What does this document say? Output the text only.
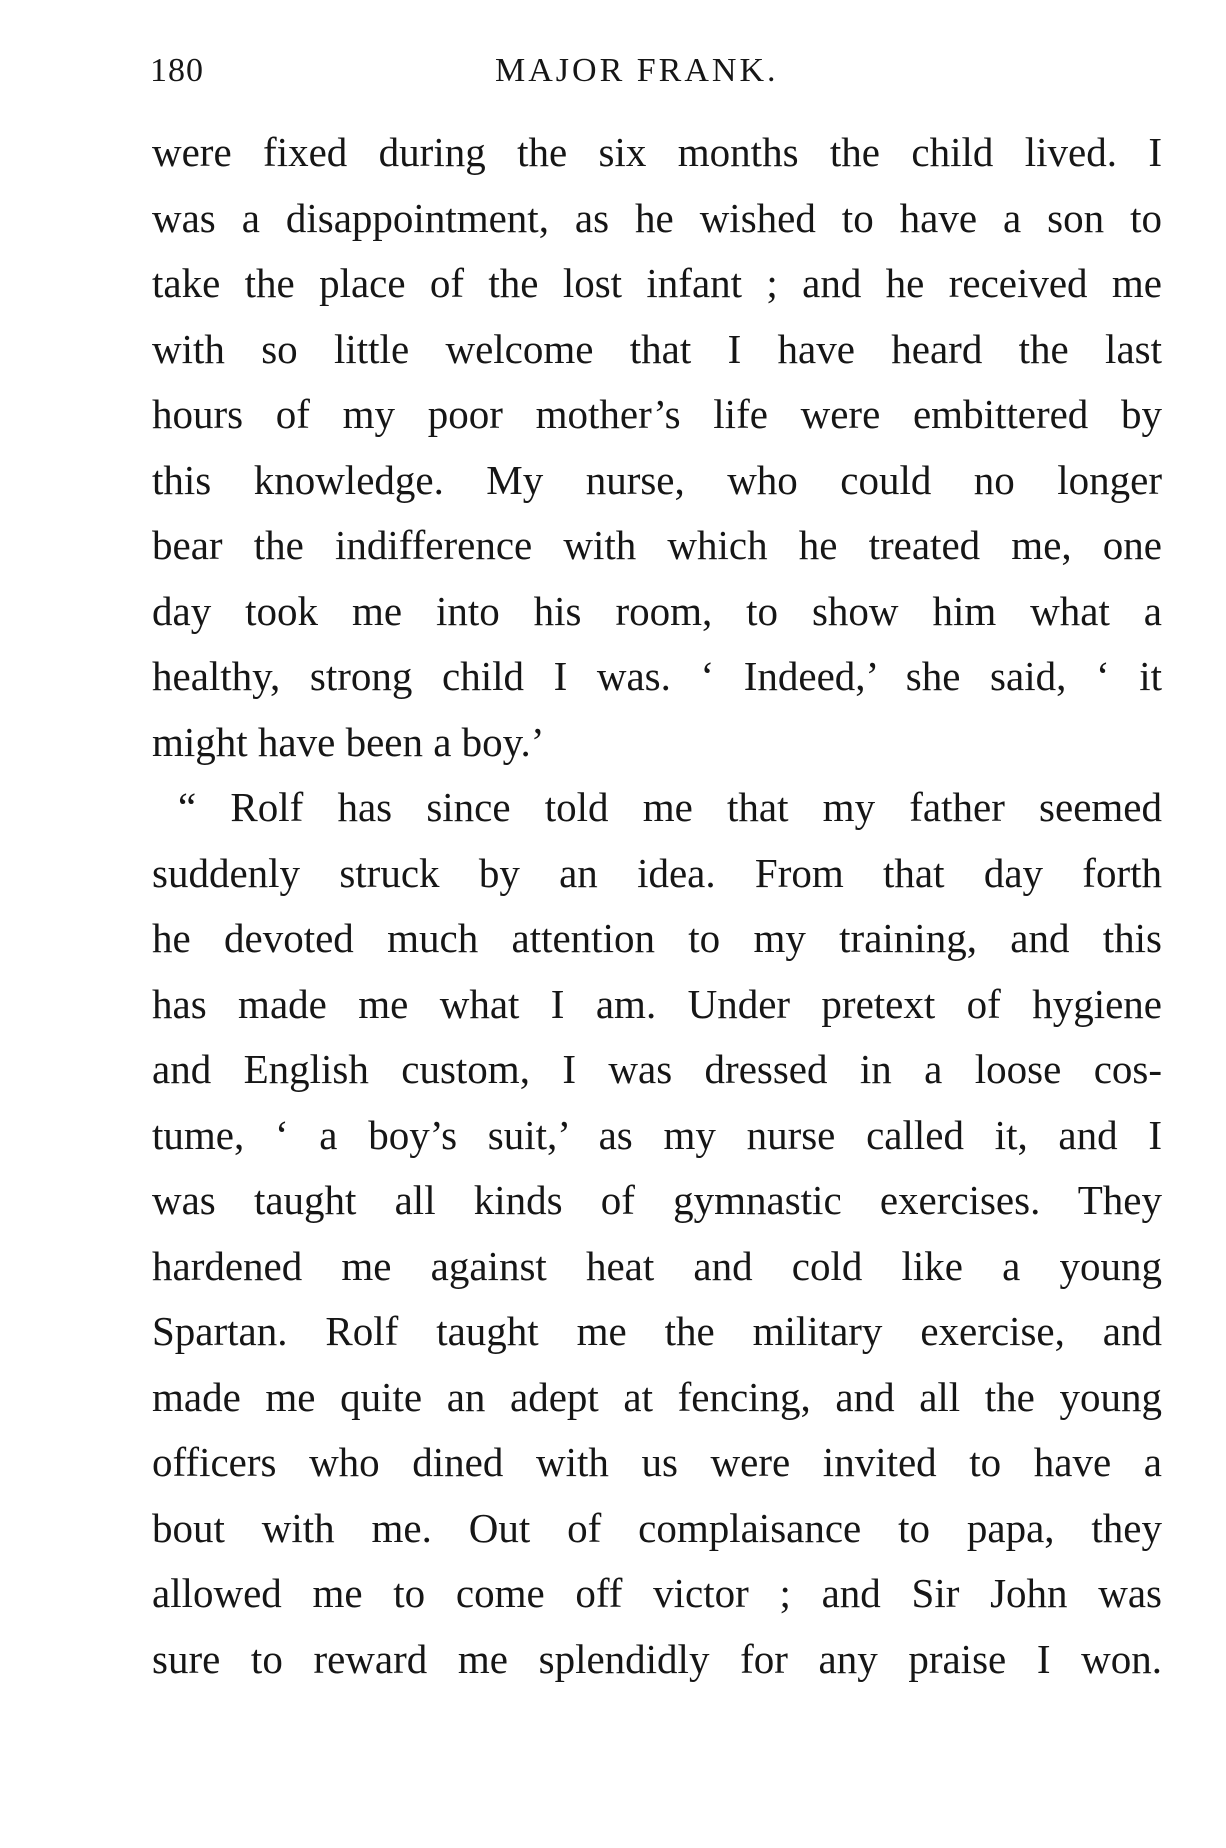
180	MAJOR FRANK.
were fixed during the six months the child lived. I
was a disappointment, as he wished to have a son to
take the place of the lost infant ; and he received me
with so little welcome that I have heard the last
hours of my poor mother’s life were embittered by
this knowledge. My nurse, who could no longer
bear the indifference with which he treated me, one
day took me into his room, to show him what a
healthy, strong child I was. ‘ Indeed,’ she said, ‘ it
might have been a boy.’
“ Rolf has since told me that my father seemed
suddenly struck by an idea. From that day forth
he devoted much attention to my training, and this
has made me what I am. Under pretext of hygiene
and English custom, I was dressed in a loose cos-
tume, ‘ a boy’s suit,’ as my nurse called it, and I
was taught all kinds of gymnastic exercises. They
hardened me against heat and cold like a young
Spartan. Rolf taught me the military exercise, and
made me quite an adept at fencing, and all the young
officers who dined with us were invited to have a
bout with me. Out of complaisance to papa, they
allowed me to come off victor ; and Sir John was
sure to reward me splendidly for any praise I won.
